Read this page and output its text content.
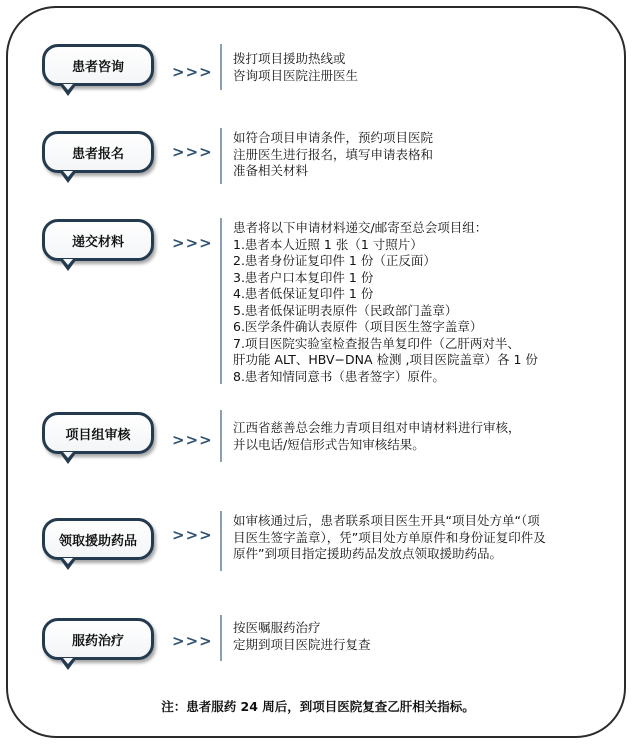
患者咨询	>>>
拨打项目援助热线或
咨询项目医院注册医生
患者报名	>>>
如符合项目申请条件，预约项目医院
注册医生进行报名，填写申请表格和
准备相关材料
递交材料	>>>
患者将以下申请材料递交/邮寄至总会项目组：
1.患者本人近照 1 张（1 寸照片）
2.患者身份证复印件 1 份（正反面）
3.患者户口本复印件 1 份
4.患者低保证复印件 1 份
5.患者低保证明表原件（民政部门盖章）
6.医学条件确认表原件（项目医生签字盖章）
7.项目医院实验室检查报告单复印件（乙肝两对半、
肝功能 ALT、HBV−DNA 检测 ,项目医院盖章）各 1 份
8.患者知情同意书（患者签字）原件。
项目组审核	>>>
江西省慈善总会维力青项目组对申请材料进行审核，
并以电话/短信形式告知审核结果。
领取援助药品 >>>
如审核通过后，患者联系项目医生开具“项目处方单“（项
目医生签字盖章），凭”项目处方单原件和身份证复印件及
原件”到项目指定援助药品发放点领取援助药品。
服药治疗	>>>
按医嘱服药治疗
定期到项目医院进行复查
注：患者服药 24 周后，到项目医院复查乙肝相关指标。
